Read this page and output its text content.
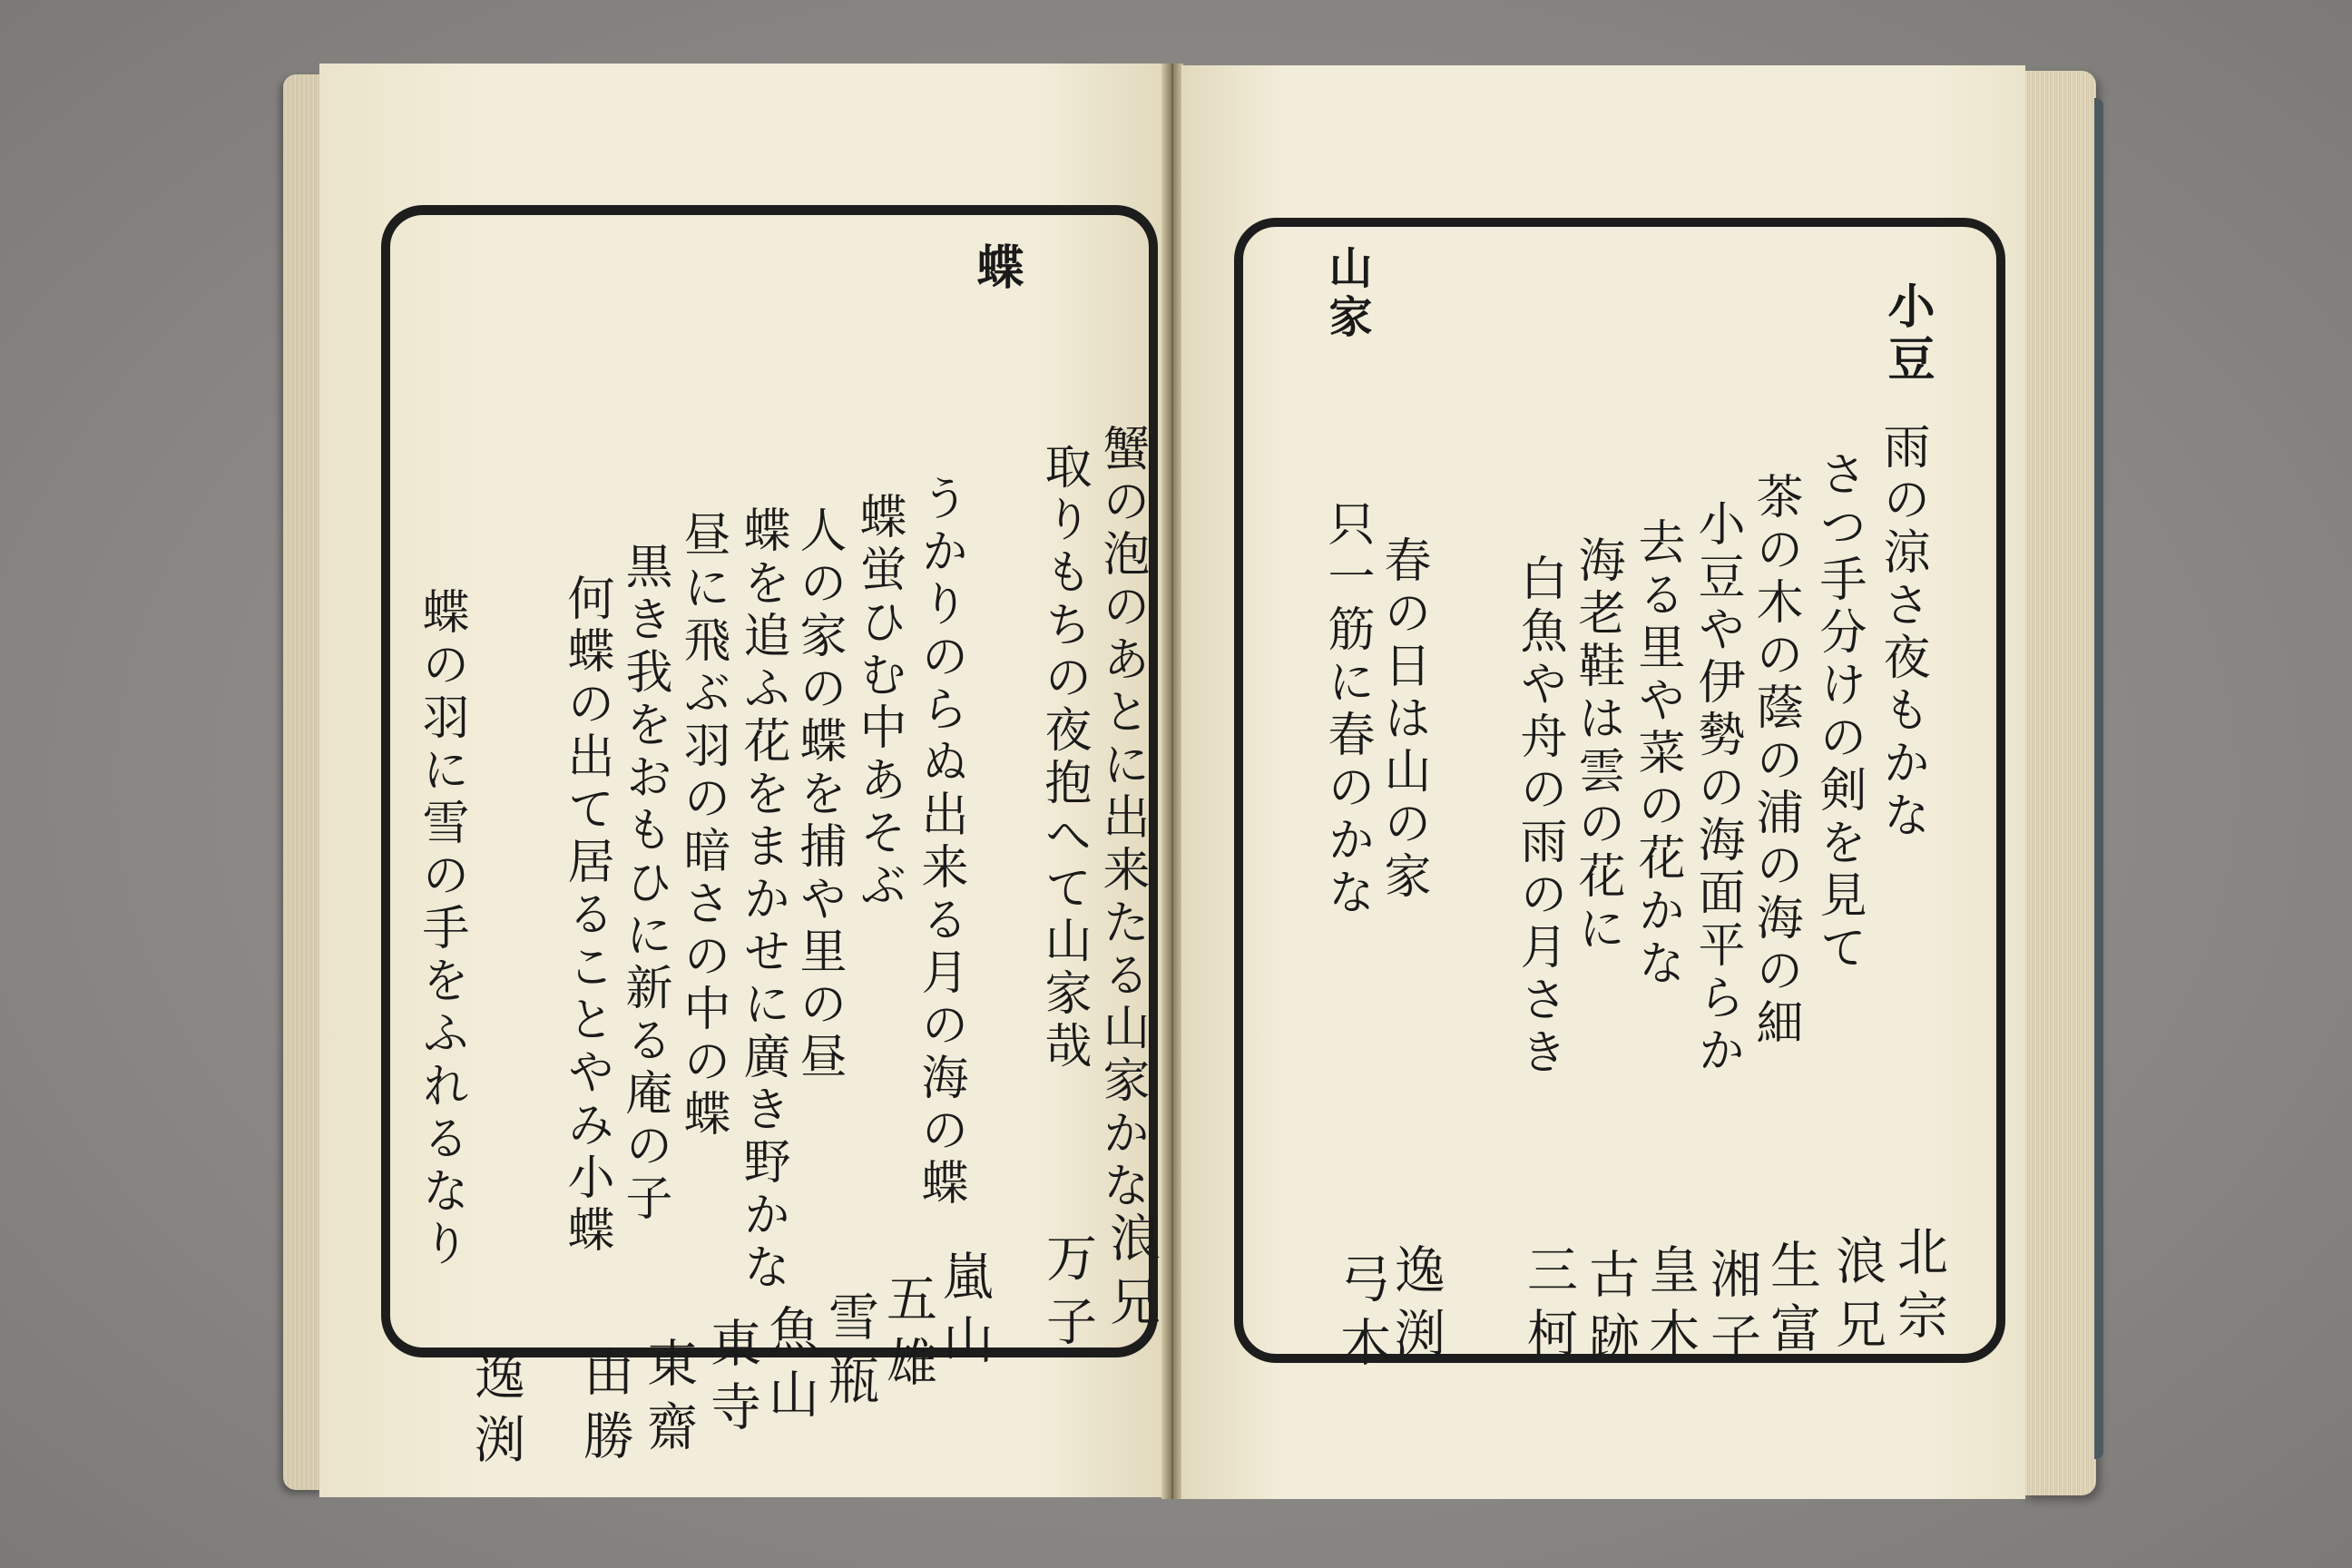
蝶
蟹の泡のあとに出来たる山家かな
取りもちの夜抱へて山家哉
うかりのらぬ出来る月の海の蝶
蝶蛍ひむ中あそぶ
人の家の蝶を捕や里の昼
蝶を追ふ花をまかせに廣き野かな
昼に飛ぶ羽の暗さの中の蝶
黒き我をおもひに新る庵の子
何蝶の出て居ることやみ小蝶
蝶の羽に雪の手をふれるなり
浪兄
万子
嵐山
五雄
雪瓶
魚山
東寺
東齋
由勝
逸渕
小豆
山家
雨の涼さ夜もかな
さつ手分けの剣を見て
茶の木の蔭の浦の海の細
小豆や伊勢の海面平らか
去る里や菜の花かな
海老鞋は雲の花に
白魚や舟の雨の月さき
春の日は山の家
只一筋に春のかな
北宗
浪兄
生富
湘子
皇木
古跡
三柯
逸渕
弓木
